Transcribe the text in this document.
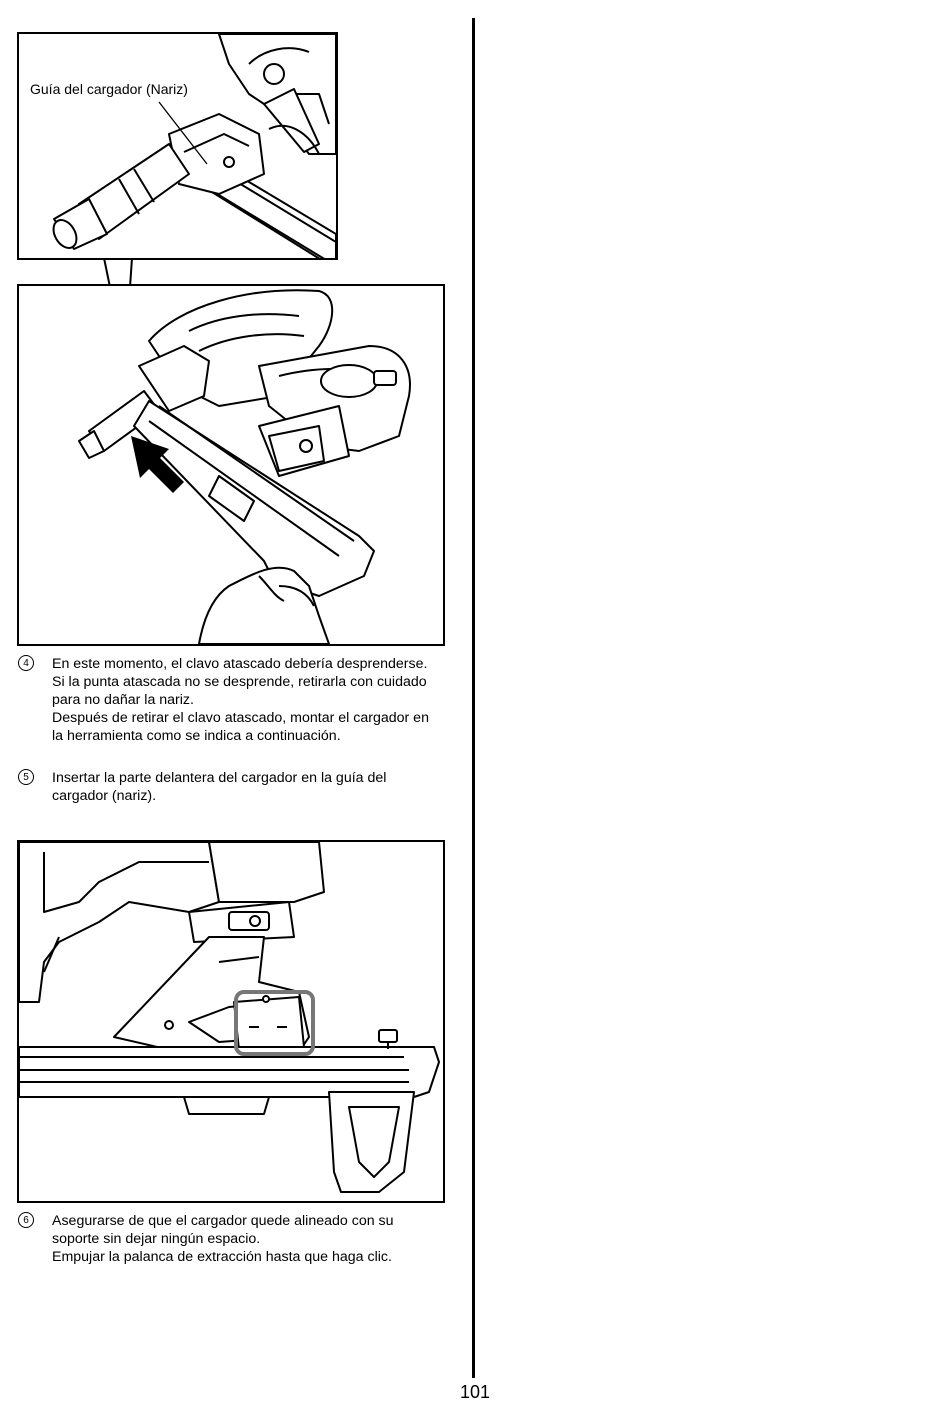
Guía del cargador (Nariz)
4	En este momento, el clavo atascado debería desprenderse.
Si la punta atascada no se desprende, retirarla con cuidado
para no dañar la nariz.
Después de retirar el clavo atascado, montar el cargador en
la herramienta como se indica a continuación.
5	Insertar la parte delantera del cargador en la guía del
cargador (nariz).
6	Asegurarse de que el cargador quede alineado con su
soporte sin dejar ningún espacio.
Empujar la palanca de extracción hasta que haga clic.
101
